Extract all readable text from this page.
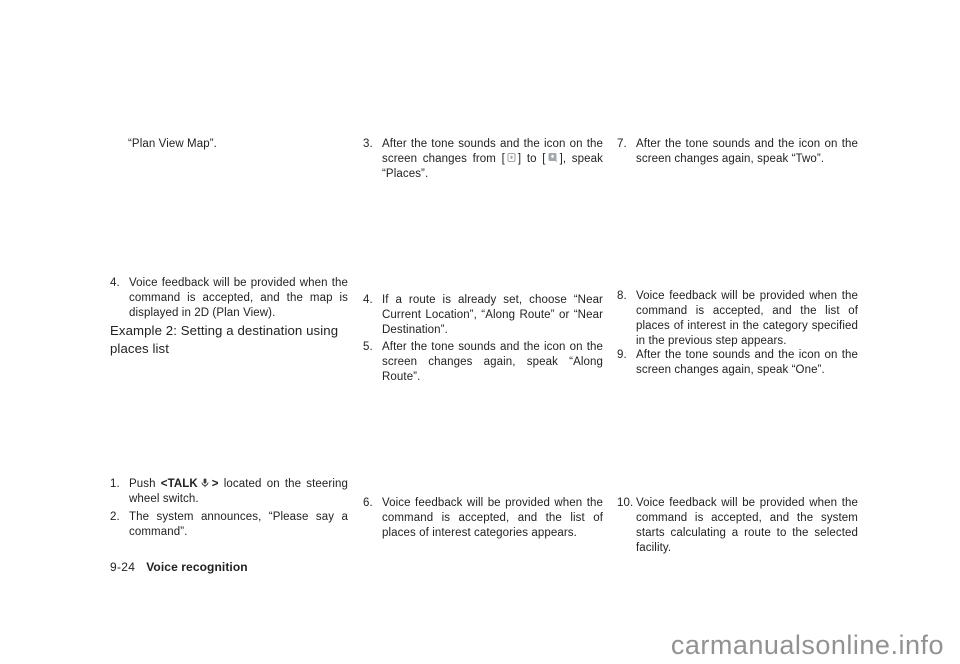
“Plan View Map”.
4. Voice feedback will be provided when the command is accepted, and the map is displayed in 2D (Plan View).
Example 2: Setting a destination using places list
1. Push <TALK > located on the steering wheel switch.
2. The system announces, “Please say a command”.
3. After the tone sounds and the icon on the screen changes from [ ] to [ ], speak “Places”.
4. If a route is already set, choose “Near Current Location”, “Along Route” or “Near Destination”.
5. After the tone sounds and the icon on the screen changes again, speak “Along Route”.
6. Voice feedback will be provided when the command is accepted, and the list of places of interest categories appears.
7. After the tone sounds and the icon on the screen changes again, speak “Two”.
8. Voice feedback will be provided when the command is accepted, and the list of places of interest in the category specified in the previous step appears.
9. After the tone sounds and the icon on the screen changes again, speak “One”.
10. Voice feedback will be provided when the command is accepted, and the system starts calculating a route to the selected facility.
9-24 Voice recognition
carmanualsonline.info
